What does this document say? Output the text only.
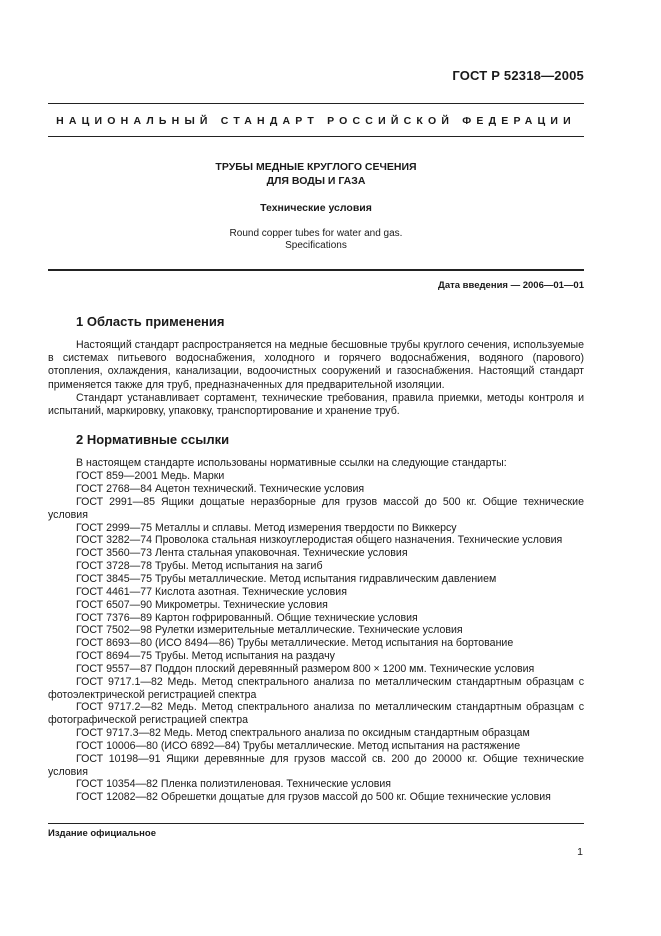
ГОСТ Р 52318—2005
НАЦИОНАЛЬНЫЙ СТАНДАРТ РОССИЙСКОЙ ФЕДЕРАЦИИ
ТРУБЫ МЕДНЫЕ КРУГЛОГО СЕЧЕНИЯ
ДЛЯ ВОДЫ И ГАЗА
Технические условия
Round copper tubes for water and gas.
Specifications
Дата введения — 2006—01—01
1 Область применения

Настоящий стандарт распространяется на медные бесшовные трубы круглого сечения, используемые в системах питьевого водоснабжения, холодного и горячего водоснабжения, водяного (парового) отопления, охлаждения, канализации, водоочистных сооружений и газоснабжения. Настоящий стандарт применяется также для труб, предназначенных для предварительной изоляции.

Стандарт устанавливает сортамент, технические требования, правила приемки, методы контроля и испытаний, маркировку, упаковку, транспортирование и хранение труб.

2 Нормативные ссылки

В настоящем стандарте использованы нормативные ссылки на следующие стандарты:

ГОСТ 859—2001 Медь. Марки

ГОСТ 2768—84 Ацетон технический. Технические условия

ГОСТ 2991—85 Ящики дощатые неразборные для грузов массой до 500 кг. Общие технические условия

ГОСТ 2999—75 Металлы и сплавы. Метод измерения твердости по Виккерсу

ГОСТ 3282—74 Проволока стальная низкоуглеродистая общего назначения. Технические условия

ГОСТ 3560—73 Лента стальная упаковочная. Технические условия

ГОСТ 3728—78 Трубы. Метод испытания на загиб

ГОСТ 3845—75 Трубы металлические. Метод испытания гидравлическим давлением

ГОСТ 4461—77 Кислота азотная. Технические условия

ГОСТ 6507—90 Микрометры. Технические условия

ГОСТ 7376—89 Картон гофрированный. Общие технические условия

ГОСТ 7502—98 Рулетки измерительные металлические. Технические условия

ГОСТ 8693—80 (ИСО 8494—86) Трубы металлические. Метод испытания на бортование

ГОСТ 8694—75 Трубы. Метод испытания на раздачу

ГОСТ 9557—87 Поддон плоский деревянный размером 800 × 1200 мм. Технические условия

ГОСТ 9717.1—82 Медь. Метод спектрального анализа по металлическим стандартным образцам с фотоэлектрической регистрацией спектра

ГОСТ 9717.2—82 Медь. Метод спектрального анализа по металлическим стандартным образцам с фотографической регистрацией спектра

ГОСТ 9717.3—82 Медь. Метод спектрального анализа по оксидным стандартным образцам

ГОСТ 10006—80 (ИСО 6892—84) Трубы металлические. Метод испытания на растяжение

ГОСТ 10198—91 Ящики деревянные для грузов массой св. 200 до 20000 кг. Общие технические условия

ГОСТ 10354—82 Пленка полиэтиленовая. Технические условия

ГОСТ 12082—82 Обрешетки дощатые для грузов массой до 500 кг. Общие технические условия

Издание официальное
1
